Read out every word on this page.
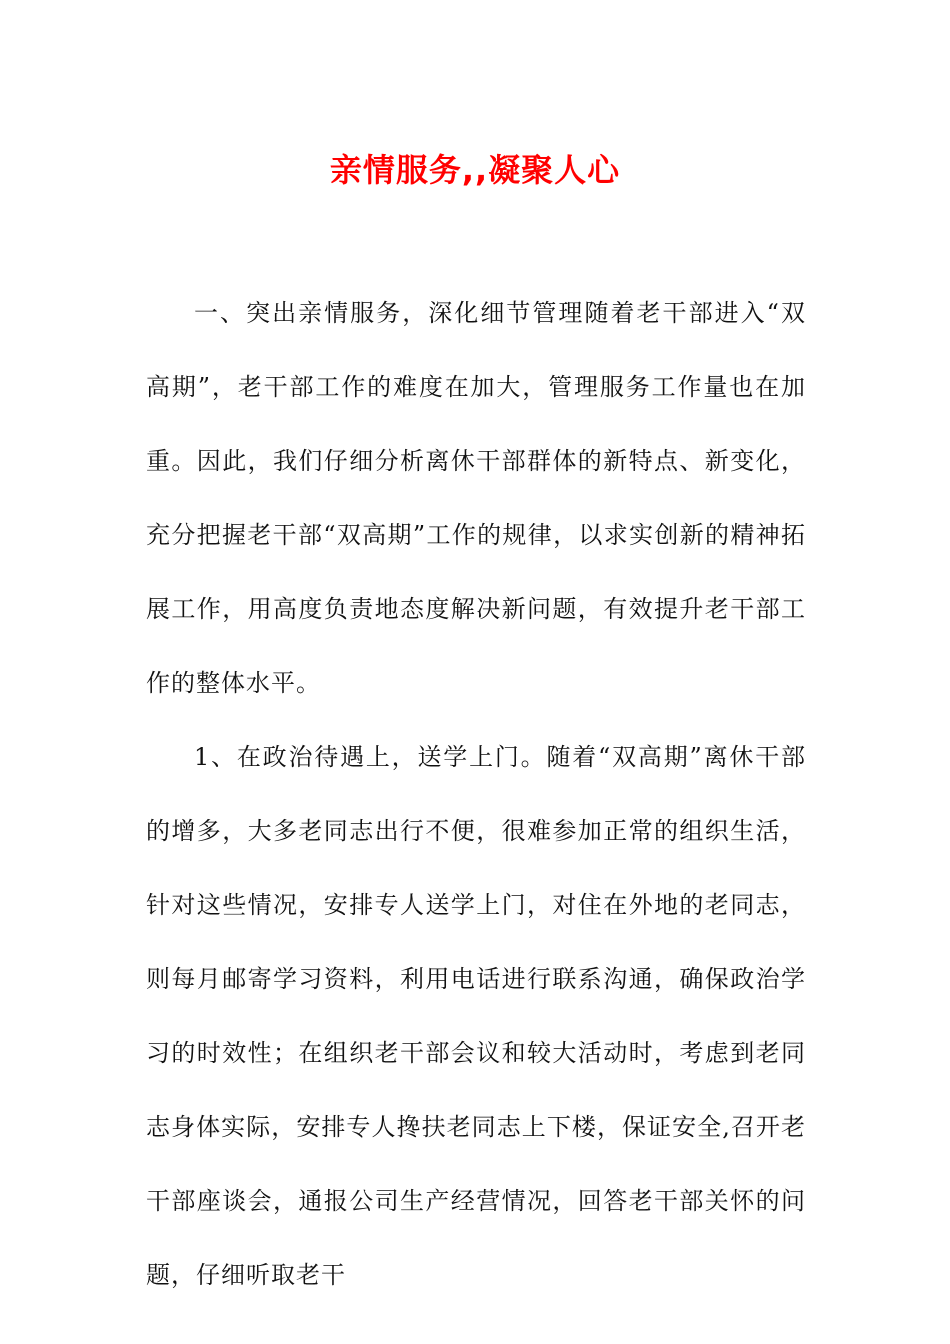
亲情服务,,凝聚人心

一、突出亲情服务，深化细节管理随着老干部进入“双高期”，老干部工作的难度在加大，管理服务工作量也在加重。因此，我们仔细分析离休干部群体的新特点、新变化，充分把握老干部“双高期”工作的规律，以求实创新的精神拓展工作，用高度负责地态度解决新问题，有效提升老干部工作的整体水平。

1、在政治待遇上，送学上门。随着“双高期”离休干部的增多，大多老同志出行不便，很难参加正常的组织生活，针对这些情况，安排专人送学上门，对住在外地的老同志，则每月邮寄学习资料，利用电话进行联系沟通，确保政治学习的时效性；在组织老干部会议和较大活动时，考虑到老同志身体实际，安排专人搀扶老同志上下楼，保证安全,召开老干部座谈会，通报公司生产经营情况，回答老干部关怀的问题，仔细听取老干
